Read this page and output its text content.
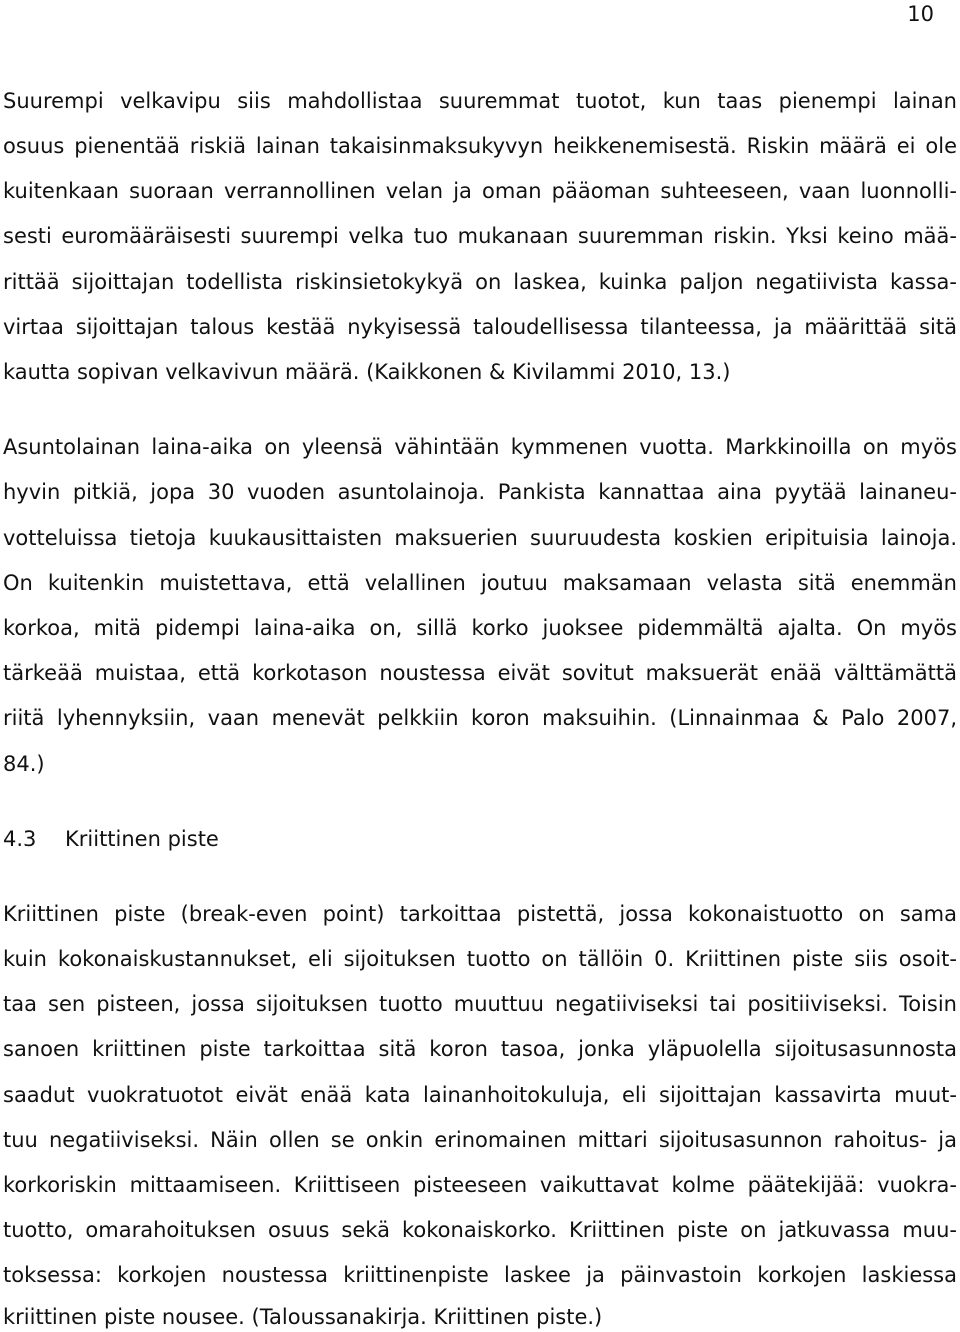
10
Suurempi velkavipu siis mahdollistaa suuremmat tuotot, kun taas pienempi lainan
osuus pienentää riskiä lainan takaisinmaksukyvyn heikkenemisestä. Riskin määrä ei ole
kuitenkaan suoraan verrannollinen velan ja oman pääoman suhteeseen, vaan luonnolli-
sesti euromääräisesti suurempi velka tuo mukanaan suuremman riskin. Yksi keino mää-
rittää sijoittajan todellista riskinsietokykyä on laskea, kuinka paljon negatiivista kassa-
virtaa sijoittajan talous kestää nykyisessä taloudellisessa tilanteessa, ja määrittää sitä
kautta sopivan velkavivun määrä. (Kaikkonen & Kivilammi 2010, 13.)
Asuntolainan laina-aika on yleensä vähintään kymmenen vuotta. Markkinoilla on myös
hyvin pitkiä, jopa 30 vuoden asuntolainoja. Pankista kannattaa aina pyytää lainaneu-
votteluissa tietoja kuukausittaisten maksuerien suuruudesta koskien eripituisia lainoja.
On kuitenkin muistettava, että velallinen joutuu maksamaan velasta sitä enemmän
korkoa, mitä pidempi laina-aika on, sillä korko juoksee pidemmältä ajalta. On myös
tärkeää muistaa, että korkotason noustessa eivät sovitut maksuerät enää välttämättä
riitä lyhennyksiin, vaan menevät pelkkiin koron maksuihin. (Linnainmaa & Palo 2007,
84.)
4.3 Kriittinen piste
Kriittinen piste (break-even point) tarkoittaa pistettä, jossa kokonaistuotto on sama
kuin kokonaiskustannukset, eli sijoituksen tuotto on tällöin 0. Kriittinen piste siis osoit-
taa sen pisteen, jossa sijoituksen tuotto muuttuu negatiiviseksi tai positiiviseksi. Toisin
sanoen kriittinen piste tarkoittaa sitä koron tasoa, jonka yläpuolella sijoitusasunnosta
saadut vuokratuotot eivät enää kata lainanhoitokuluja, eli sijoittajan kassavirta muut-
tuu negatiiviseksi. Näin ollen se onkin erinomainen mittari sijoitusasunnon rahoitus- ja
korkoriskin mittaamiseen. Kriittiseen pisteeseen vaikuttavat kolme päätekijää: vuokra-
tuotto, omarahoituksen osuus sekä kokonaiskorko. Kriittinen piste on jatkuvassa muu-
toksessa: korkojen noustessa kriittinenpiste laskee ja päinvastoin korkojen laskiessa
kriittinen piste nousee. (Taloussanakirja. Kriittinen piste.)
